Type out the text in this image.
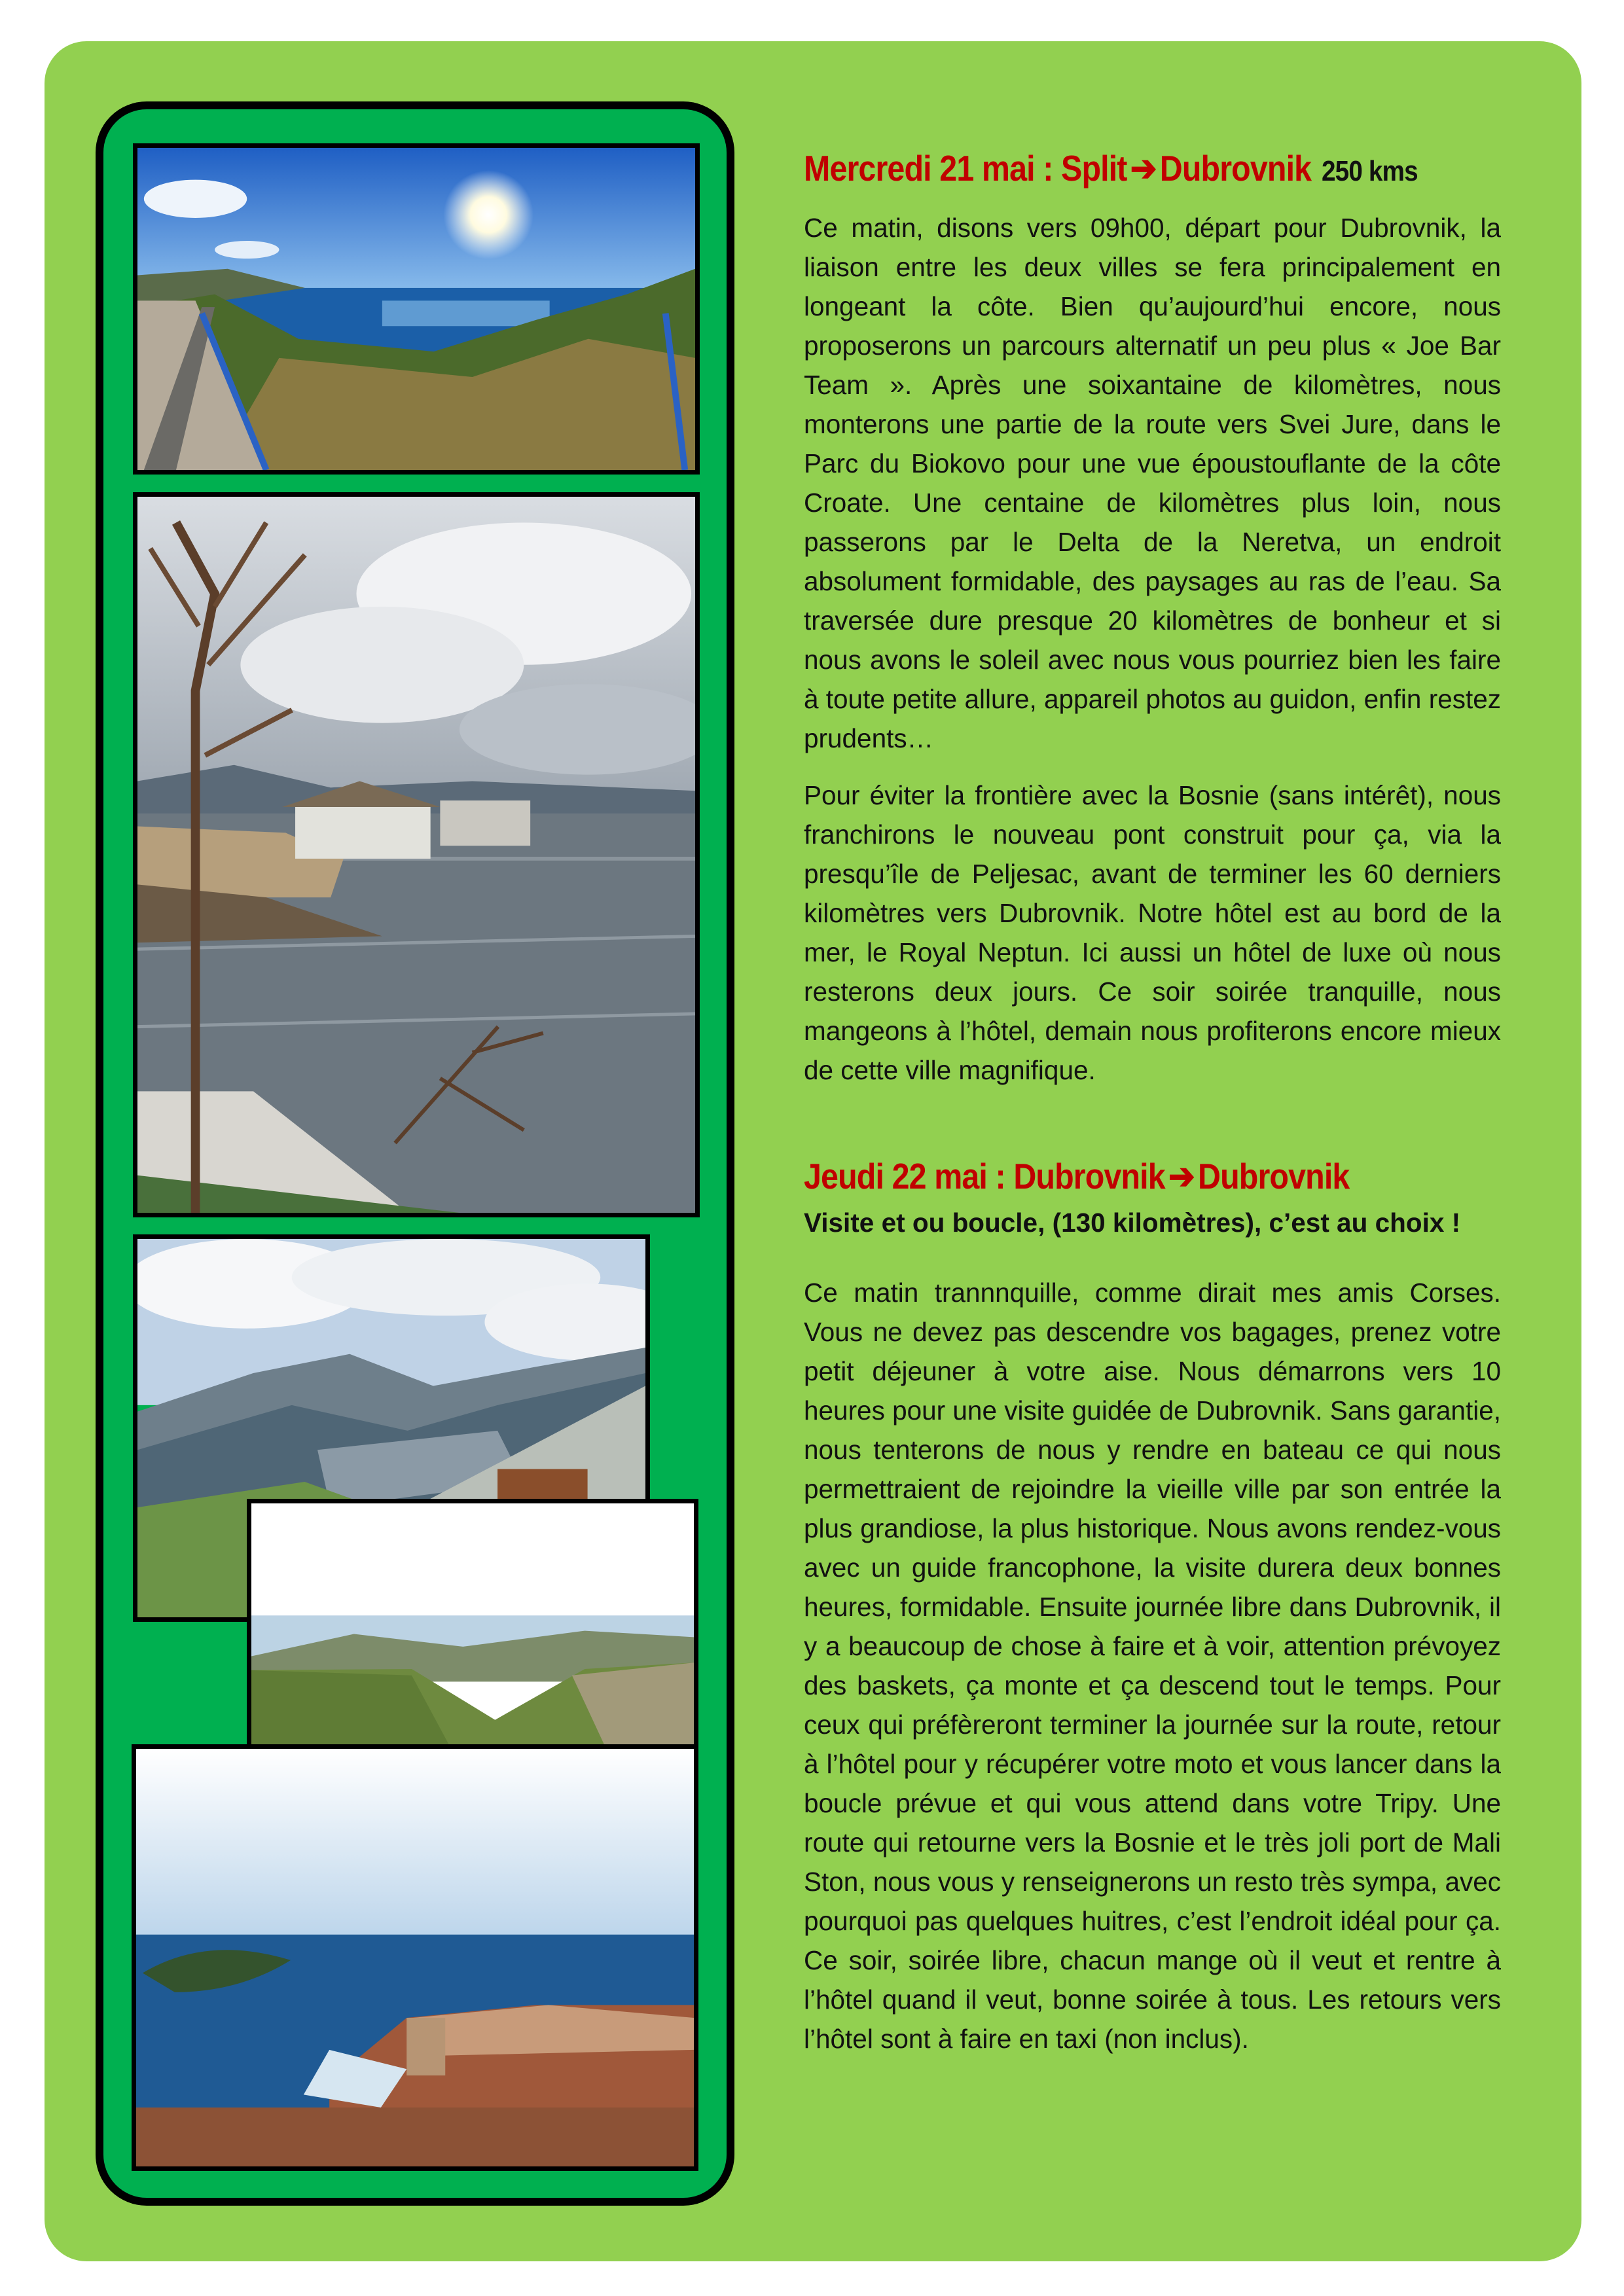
Mercredi 21 mai : Split➔Dubrovnik 250 kms

Ce matin, disons vers 09h00, départ pour Dubrovnik, la liaison entre les deux villes se fera principalement en longeant la côte. Bien qu’aujourd’hui encore, nous proposerons un parcours alternatif un peu plus « Joe Bar Team ». Après une soixantaine de kilomètres, nous monterons une partie de la route vers Svei Jure, dans le Parc du Biokovo pour une vue époustouflante de la côte Croate. Une centaine de kilomètres plus loin, nous passerons par le Delta de la Neretva, un endroit absolument formidable, des paysages au ras de l’eau. Sa traversée dure presque 20 kilomètres de bonheur et si nous avons le soleil avec nous vous pourriez bien les faire à toute petite allure, appareil photos au guidon, enfin restez prudents…

Pour éviter la frontière avec la Bosnie (sans intérêt), nous franchirons le nouveau pont construit pour ça, via la presqu’île de Peljesac, avant de terminer les 60 derniers kilomètres vers Dubrovnik. Notre hôtel est au bord de la mer, le Royal Neptun. Ici aussi un hôtel de luxe où nous resterons deux jours. Ce soir soirée tranquille, nous mangeons à l’hôtel, demain nous profiterons encore mieux de cette ville magnifique.

Jeudi 22 mai : Dubrovnik➔Dubrovnik

Visite et ou boucle, (130 kilomètres), c’est au choix !

Ce matin trannnquille, comme dirait mes amis Corses. Vous ne devez pas descendre vos bagages, prenez votre petit déjeuner à votre aise. Nous démarrons vers 10 heures pour une visite guidée de Dubrovnik. Sans garantie, nous tenterons de nous y rendre en bateau ce qui nous permettraient de rejoindre la vieille ville par son entrée la plus grandiose, la plus historique. Nous avons rendez-vous avec un guide francophone, la visite durera deux bonnes heures, formidable. Ensuite journée libre dans Dubrovnik, il y a beaucoup de chose à faire et à voir, attention prévoyez des baskets, ça monte et ça descend tout le temps. Pour ceux qui préfèreront terminer la journée sur la route, retour à l’hôtel pour y récupérer votre moto et vous lancer dans la boucle prévue et qui vous attend dans votre Tripy. Une route qui retourne vers la Bosnie et le très joli port de Mali Ston, nous vous y renseignerons un resto très sympa, avec pourquoi pas quelques huitres, c’est l’endroit idéal pour ça. Ce soir, soirée libre, chacun mange où il veut et rentre à l’hôtel quand il veut, bonne soirée à tous. Les retours vers l’hôtel sont à faire en taxi (non inclus).
